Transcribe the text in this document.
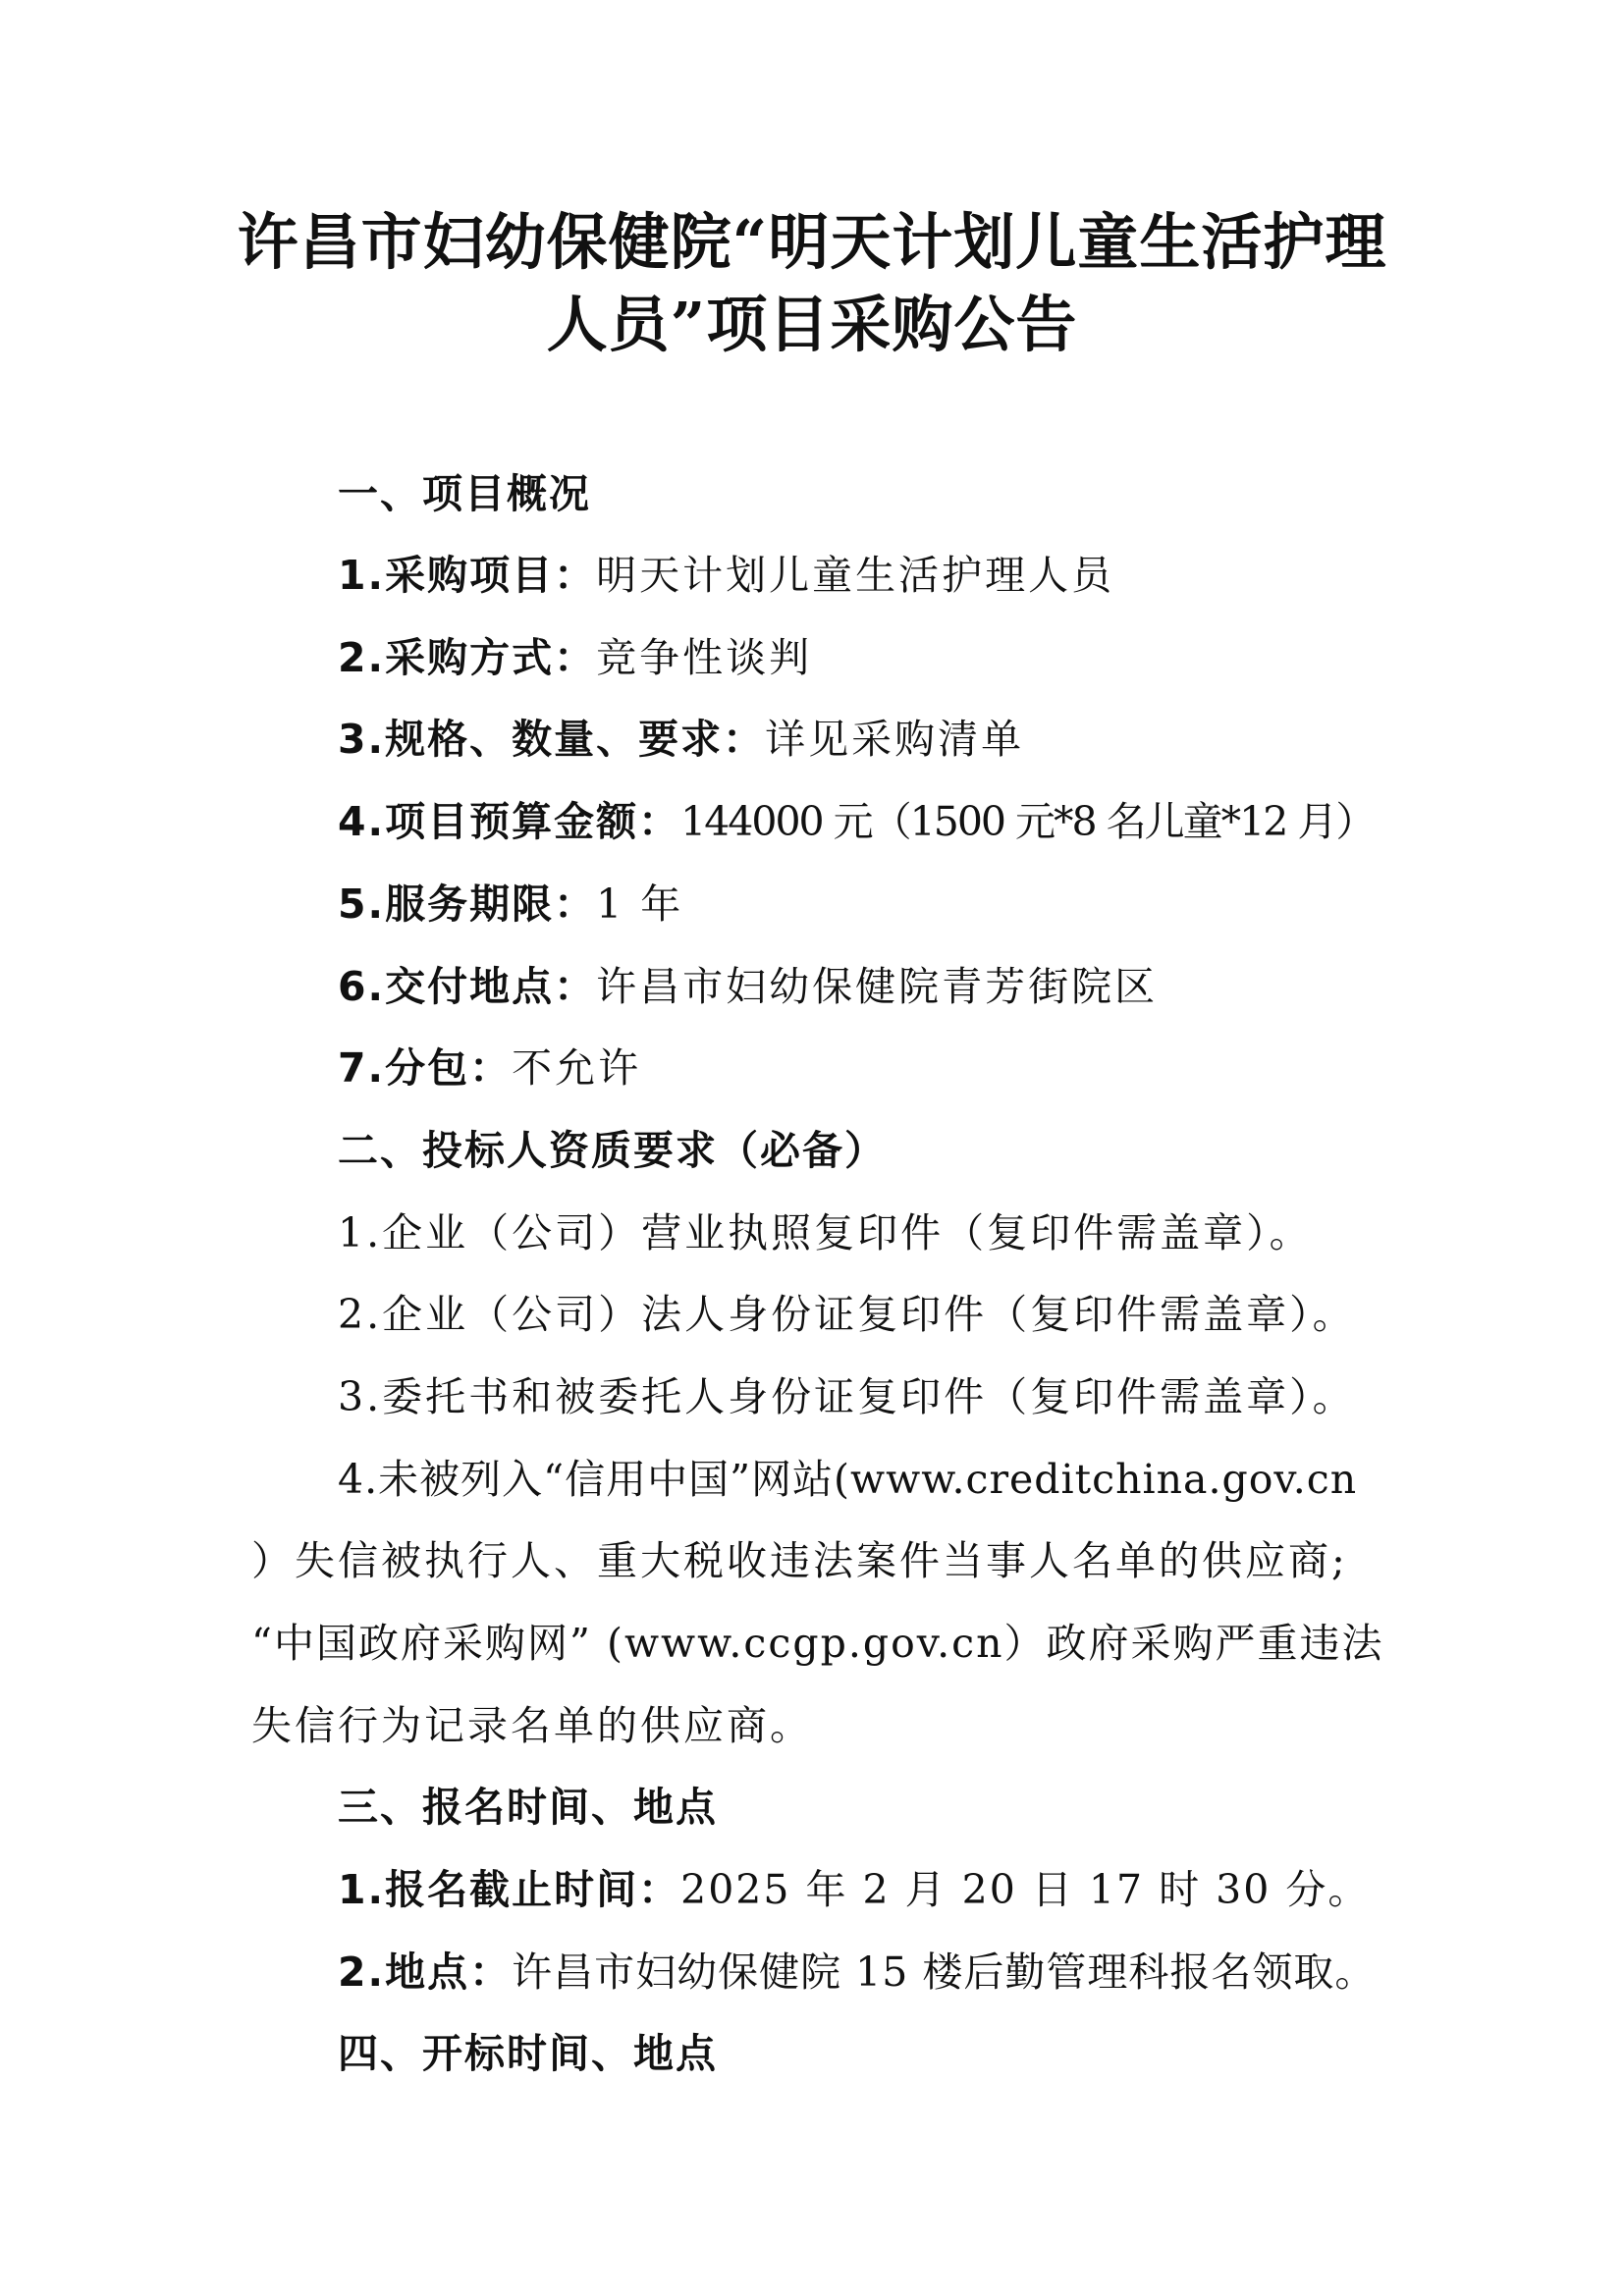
许昌市妇幼保健院“明天计划儿童生活护理
人员”项目采购公告
一、项目概况
1.采购项目：明天计划儿童生活护理人员
2.采购方式：竞争性谈判
3.规格、数量、要求：详见采购清单
4.项目预算金额：144000 元（1500 元*8 名儿童*12 月）
5.服务期限：1 年
6.交付地点：许昌市妇幼保健院青芳街院区
7.分包：不允许
二、投标人资质要求（必备）
1.企业（公司）营业执照复印件（复印件需盖章）。
2.企业（公司）法人身份证复印件（复印件需盖章）。
3.委托书和被委托人身份证复印件（复印件需盖章）。
4.未被列入“信用中国”网站(www.creditchina.gov.cn
）失信被执行人、重大税收违法案件当事人名单的供应商;
“中国政府采购网” (www.ccgp.gov.cn）政府采购严重违法
失信行为记录名单的供应商。
三、报名时间、地点
1.报名截止时间：2025 年 2 月 20 日 17 时 30 分。
2.地点：许昌市妇幼保健院 15 楼后勤管理科报名领取。
四、开标时间、地点
